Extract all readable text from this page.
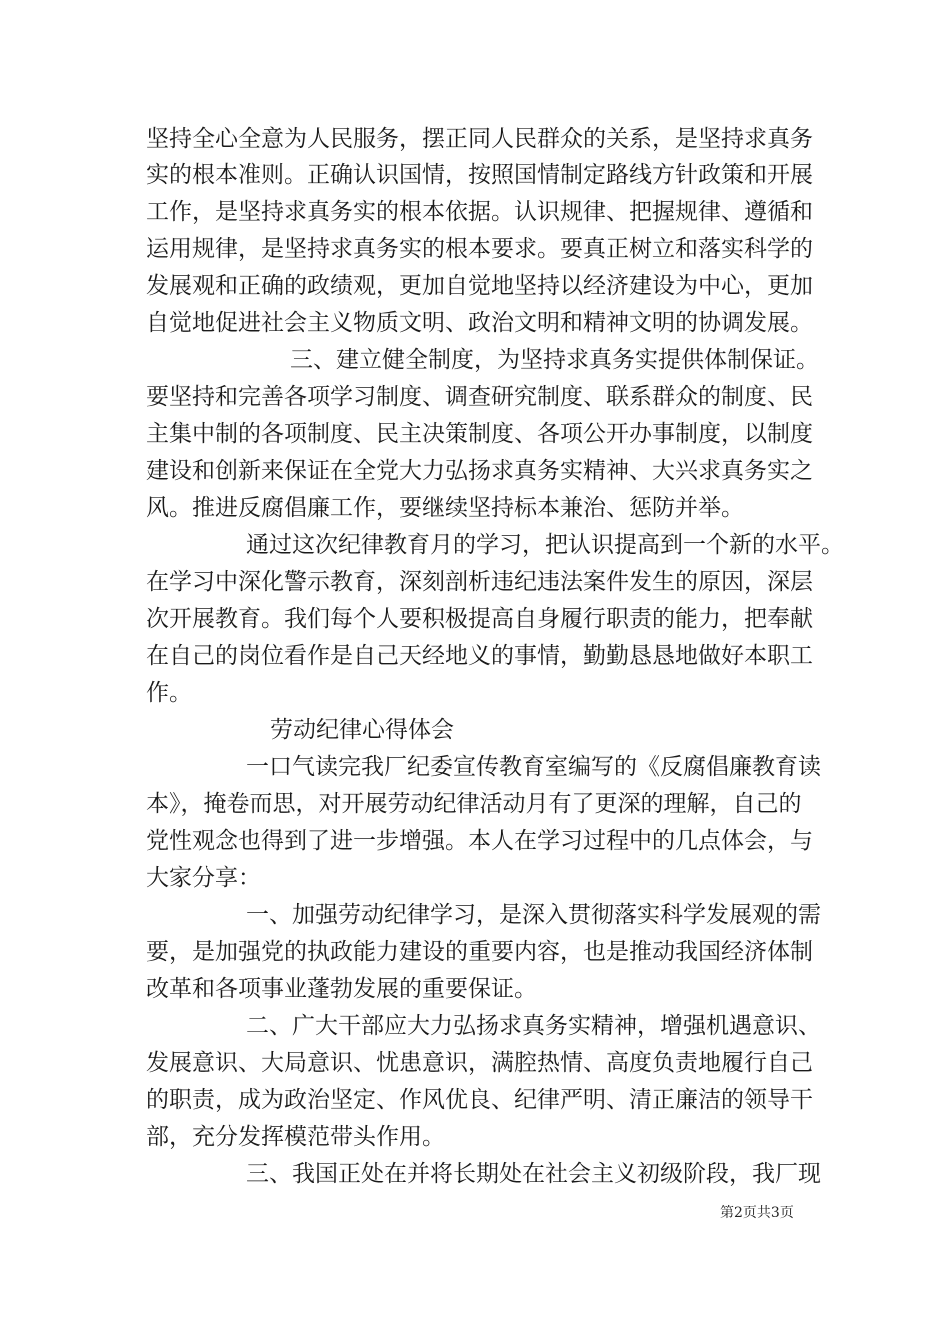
坚持全心全意为人民服务，摆正同人民群众的关系，是坚持求真务
实的根本准则。正确认识国情，按照国情制定路线方针政策和开展
工作，是坚持求真务实的根本依据。认识规律、把握规律、遵循和
运用规律，是坚持求真务实的根本要求。要真正树立和落实科学的
发展观和正确的政绩观，更加自觉地坚持以经济建设为中心，更加
自觉地促进社会主义物质文明、政治文明和精神文明的协调发展。
三、建立健全制度，为坚持求真务实提供体制保证。
要坚持和完善各项学习制度、调查研究制度、联系群众的制度、民
主集中制的各项制度、民主决策制度、各项公开办事制度，以制度
建设和创新来保证在全党大力弘扬求真务实精神、大兴求真务实之
风。推进反腐倡廉工作，要继续坚持标本兼治、惩防并举。
通过这次纪律教育月的学习，把认识提高到一个新的水平。
在学习中深化警示教育，深刻剖析违纪违法案件发生的原因，深层
次开展教育。我们每个人要积极提高自身履行职责的能力，把奉献
在自己的岗位看作是自己天经地义的事情，勤勤恳恳地做好本职工
作。
劳动纪律心得体会
一口气读完我厂纪委宣传教育室编写的《反腐倡廉教育读
本》，掩卷而思，对开展劳动纪律活动月有了更深的理解，自己的
党性观念也得到了进一步增强。本人在学习过程中的几点体会，与
大家分享：
一、加强劳动纪律学习，是深入贯彻落实科学发展观的需
要，是加强党的执政能力建设的重要内容，也是推动我国经济体制
改革和各项事业蓬勃发展的重要保证。
二、广大干部应大力弘扬求真务实精神，增强机遇意识、
发展意识、大局意识、忧患意识，满腔热情、高度负责地履行自己
的职责，成为政治坚定、作风优良、纪律严明、清正廉洁的领导干
部，充分发挥模范带头作用。
三、我国正处在并将长期处在社会主义初级阶段，我厂现
第2页共3页
